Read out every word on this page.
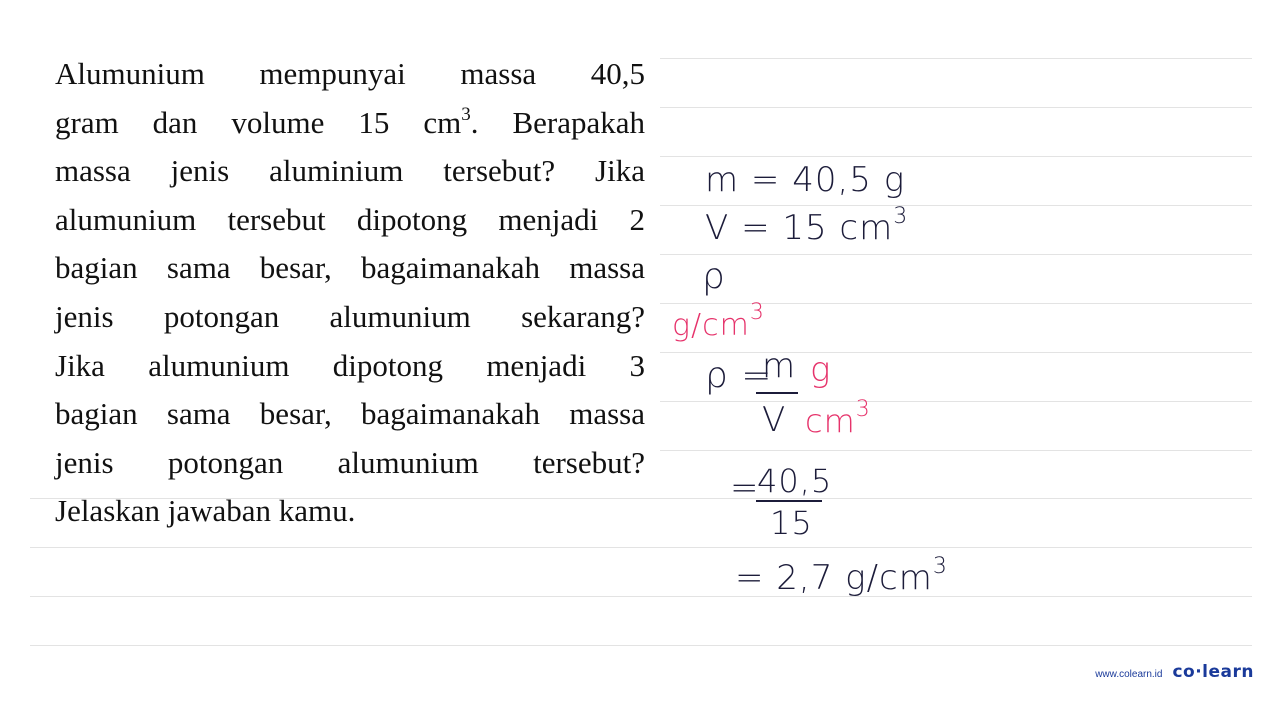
Alumunium mempunyai massa 40,5
gram dan volume 15 $cm^3$. Berapakah
massa jenis aluminium tersebut? Jika
alumunium tersebut dipotong menjadi 2
bagian sama besar, bagaimanakah massa
jenis potongan alumunium sekarang?
Jika alumunium dipotong menjadi 3
bagian sama besar, bagaimanakah massa
jenis potongan alumunium tersebut?
Jelaskan jawaban kamu.
m = 40,5 g
V = 15 $cm^3$
ρ
$g/cm^3$
ρ =
m g
V $cm^3$
=
40,5
15
= 2,7 $g/cm^3$
www.colearn.id co·learn
